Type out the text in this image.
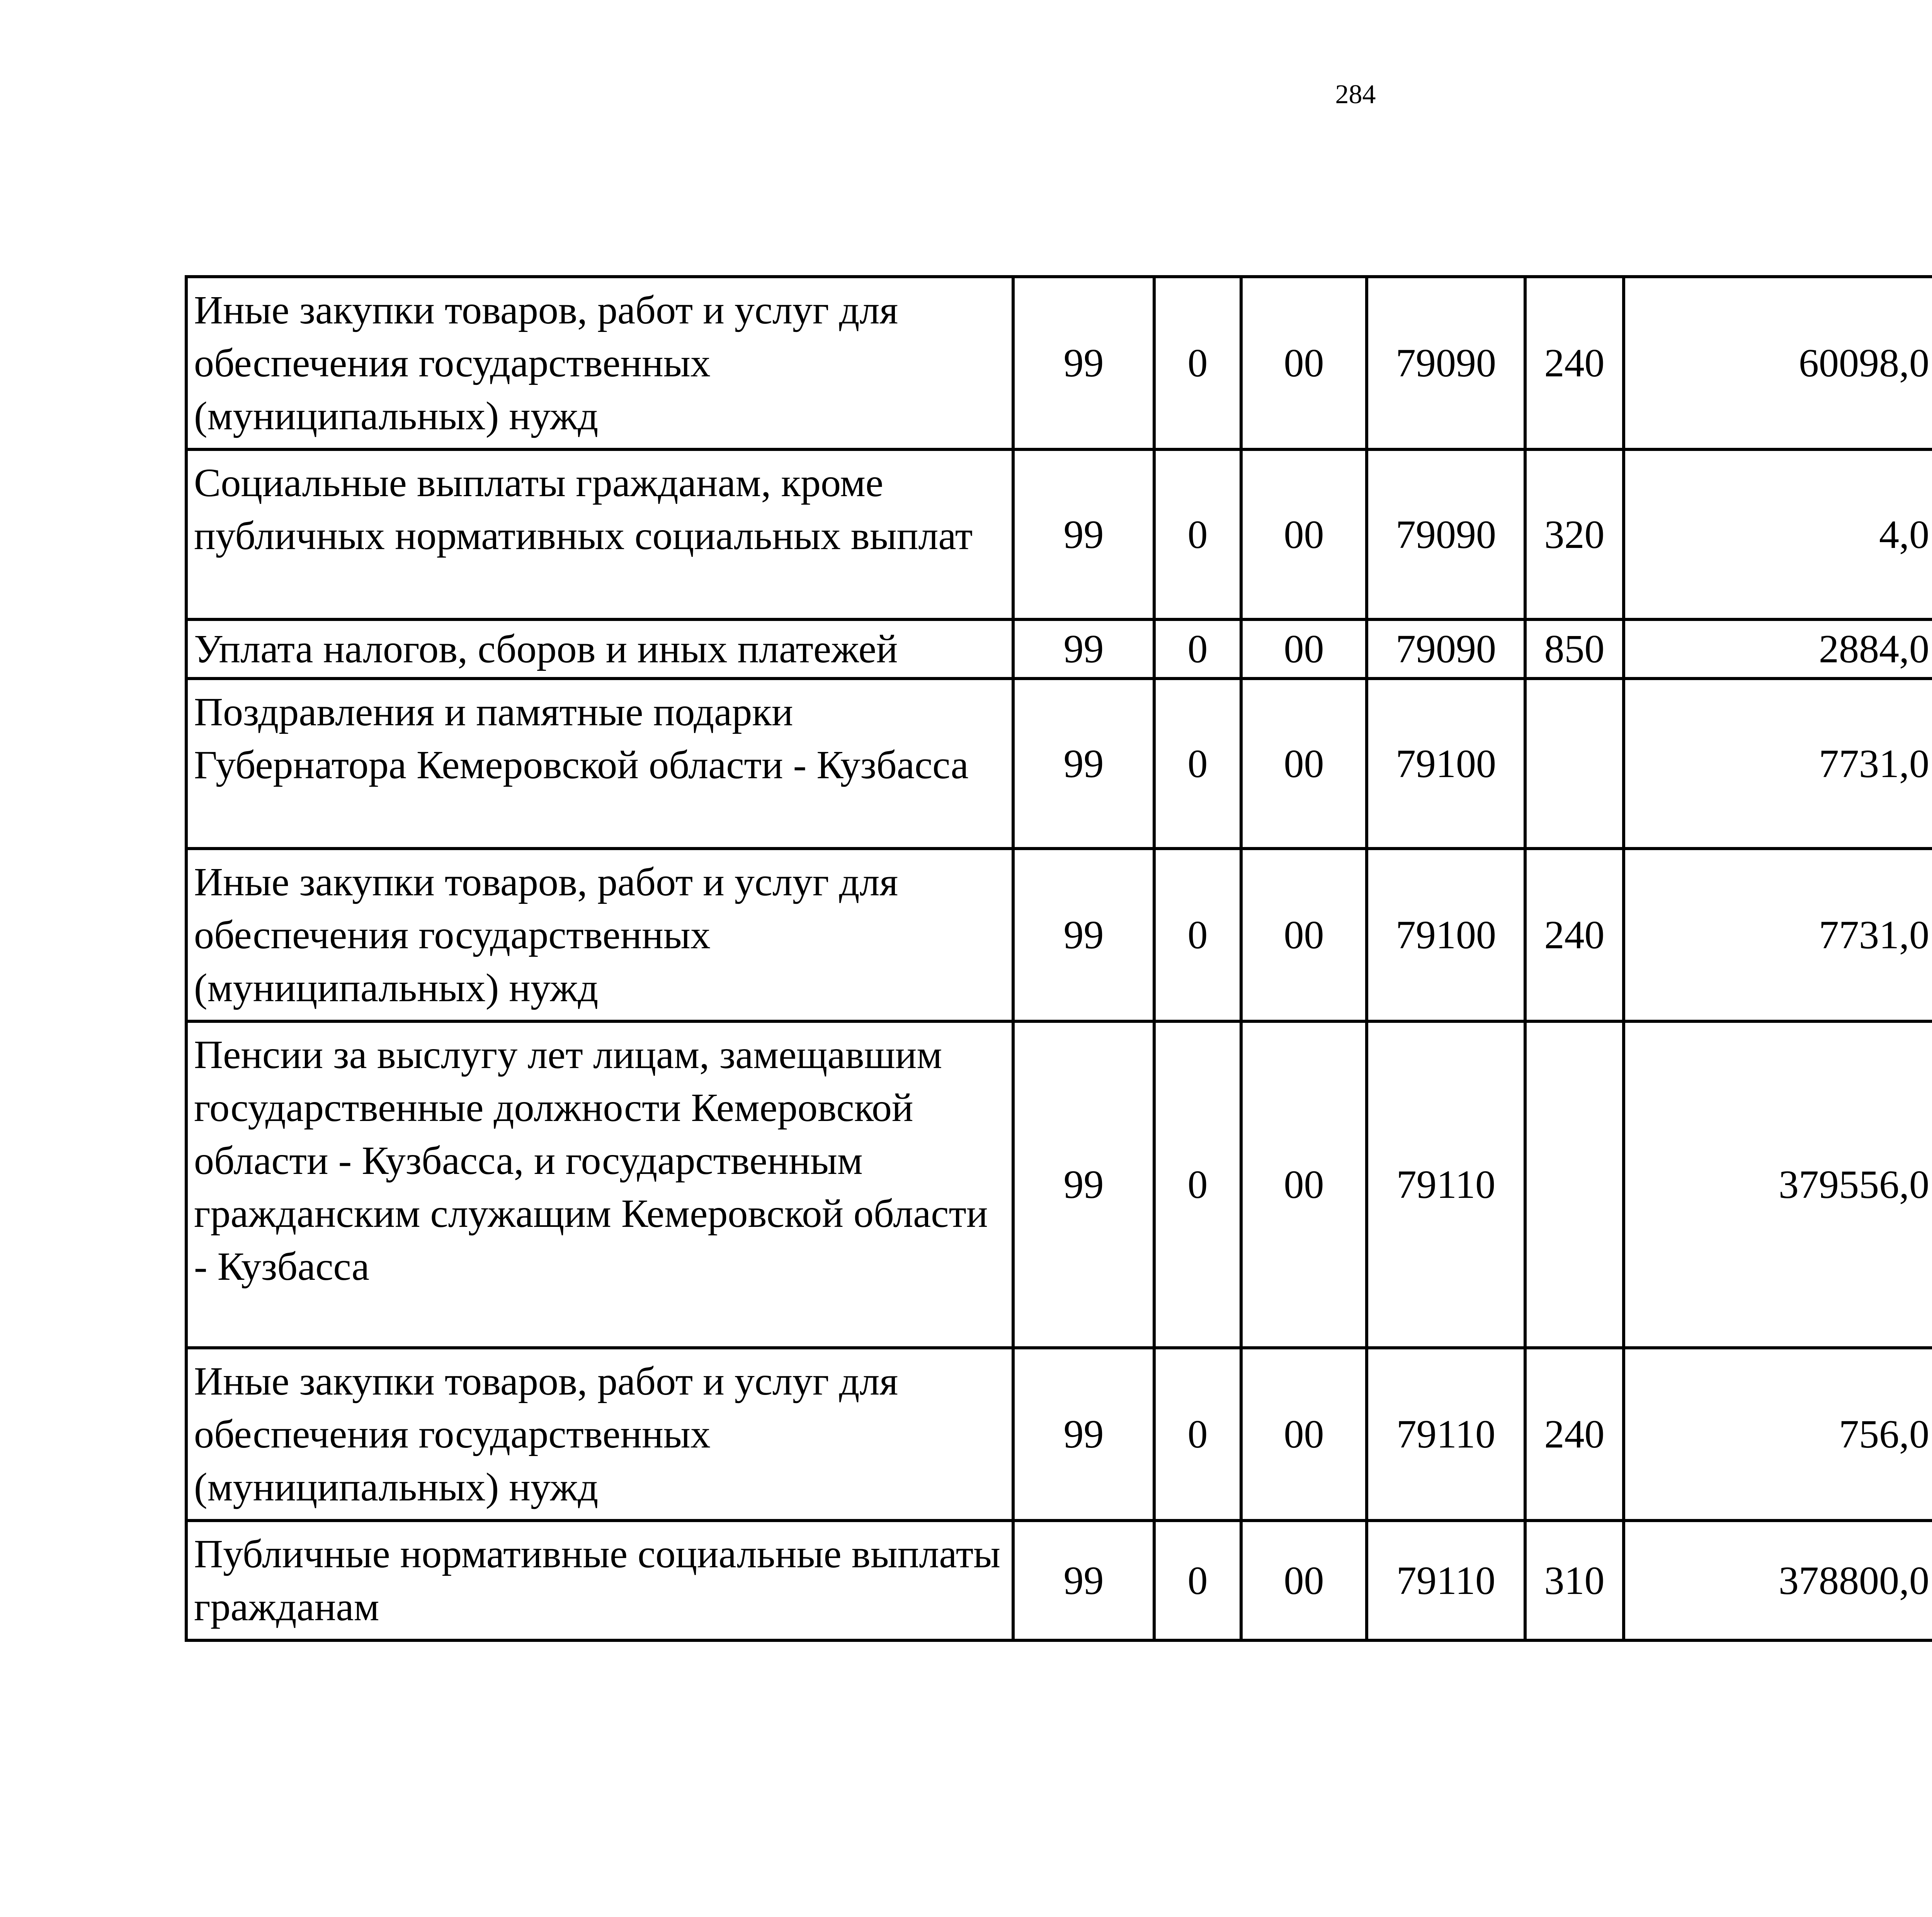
284
Иные закупки товаров, работ и услуг для обеспечения государственных (муниципальных) нужд	99	0	00	79090	240	60098,0		
Социальные выплаты гражданам, кроме публичных нормативных социальных выплат	99	0	00	79090	320	4,0		
Уплата налогов, сборов и иных платежей	99	0	00	79090	850	2884,0		
Поздравления и памятные подарки Губернатора Кемеровской области - Кузбасса	99	0	00	79100		7731,0		
Иные закупки товаров, работ и услуг для обеспечения государственных (муниципальных) нужд	99	0	00	79100	240	7731,0		
Пенсии за выслугу лет лицам, замещавшим государственные должности Кемеровской области - Кузбасса, и государственным гражданским служащим Кемеровской области - Кузбасса	99	0	00	79110		379556,0		
Иные закупки товаров, работ и услуг для обеспечения государственных (муниципальных) нужд	99	0	00	79110	240	756,0		
Публичные нормативные социальные выплаты гражданам	99	0	00	79110	310	378800,0		
